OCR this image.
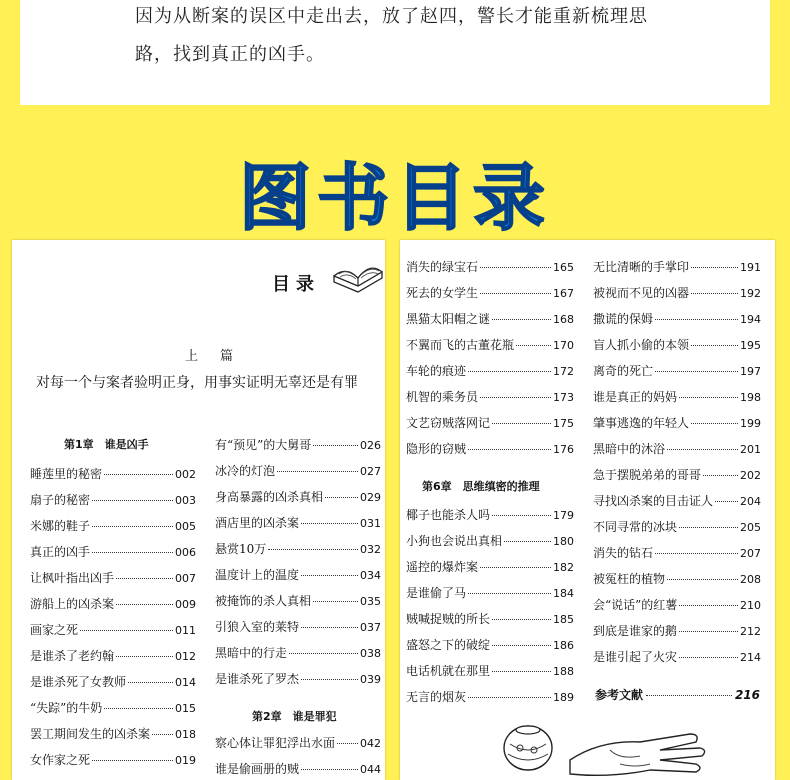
因为从断案的误区中走出去，放了赵四，警长才能重新梳理思

路，找到真正的凶手。

图书目录
目录
上篇
对每一个与案者验明正身，用事实证明无辜还是有罪
第1章　谁是凶手
睡莲里的秘密	002
扇子的秘密	003
米娜的鞋子	005
真正的凶手	006
让枫叶指出凶手	007
游船上的凶杀案	009
画家之死	011
是谁杀了老约翰	012
是谁杀死了女教师	014
“失踪”的牛奶	015
罢工期间发生的凶杀案 018
女作家之死	019
有“预见”的大舅哥	026
冰冷的灯泡	027
身高暴露的凶杀真相	029
酒店里的凶杀案	031
悬赏10万	032
温度计上的温度	034
被掩饰的杀人真相	035
引狼入室的莱特	037
黑暗中的行走	038
是谁杀死了罗杰	039
第2章　谁是罪犯
察心体让罪犯浮出水面 042
谁是偷画册的贼	044
消失的绿宝石	165
死去的女学生	167
黑猫太阳帽之谜	168
不翼而飞的古董花瓶	170
车轮的痕迹	172
机智的乘务员	173
文艺窃贼落网记	175
隐形的窃贼	176
第6章　思维缜密的推理
椰子也能杀人吗	179
小狗也会说出真相	180
遥控的爆炸案	182
是谁偷了马	184
贼喊捉贼的所长	185
盛怒之下的破绽	186
电话机就在那里	188
无言的烟灰	189
无比清晰的手掌印	191
被视而不见的凶器	192
撒谎的保姆	194
盲人抓小偷的本领	195
离奇的死亡	197
谁是真正的妈妈	198
肇事逃逸的年轻人	199
黑暗中的沐浴	201
急于摆脱弟弟的哥哥	202
寻找凶杀案的目击证人 204
不同寻常的冰块	205
消失的钻石	207
被冤枉的植物	208
会“说话”的红薯	210
到底是谁家的鹅	212
是谁引起了火灾	214
参考文献	216
